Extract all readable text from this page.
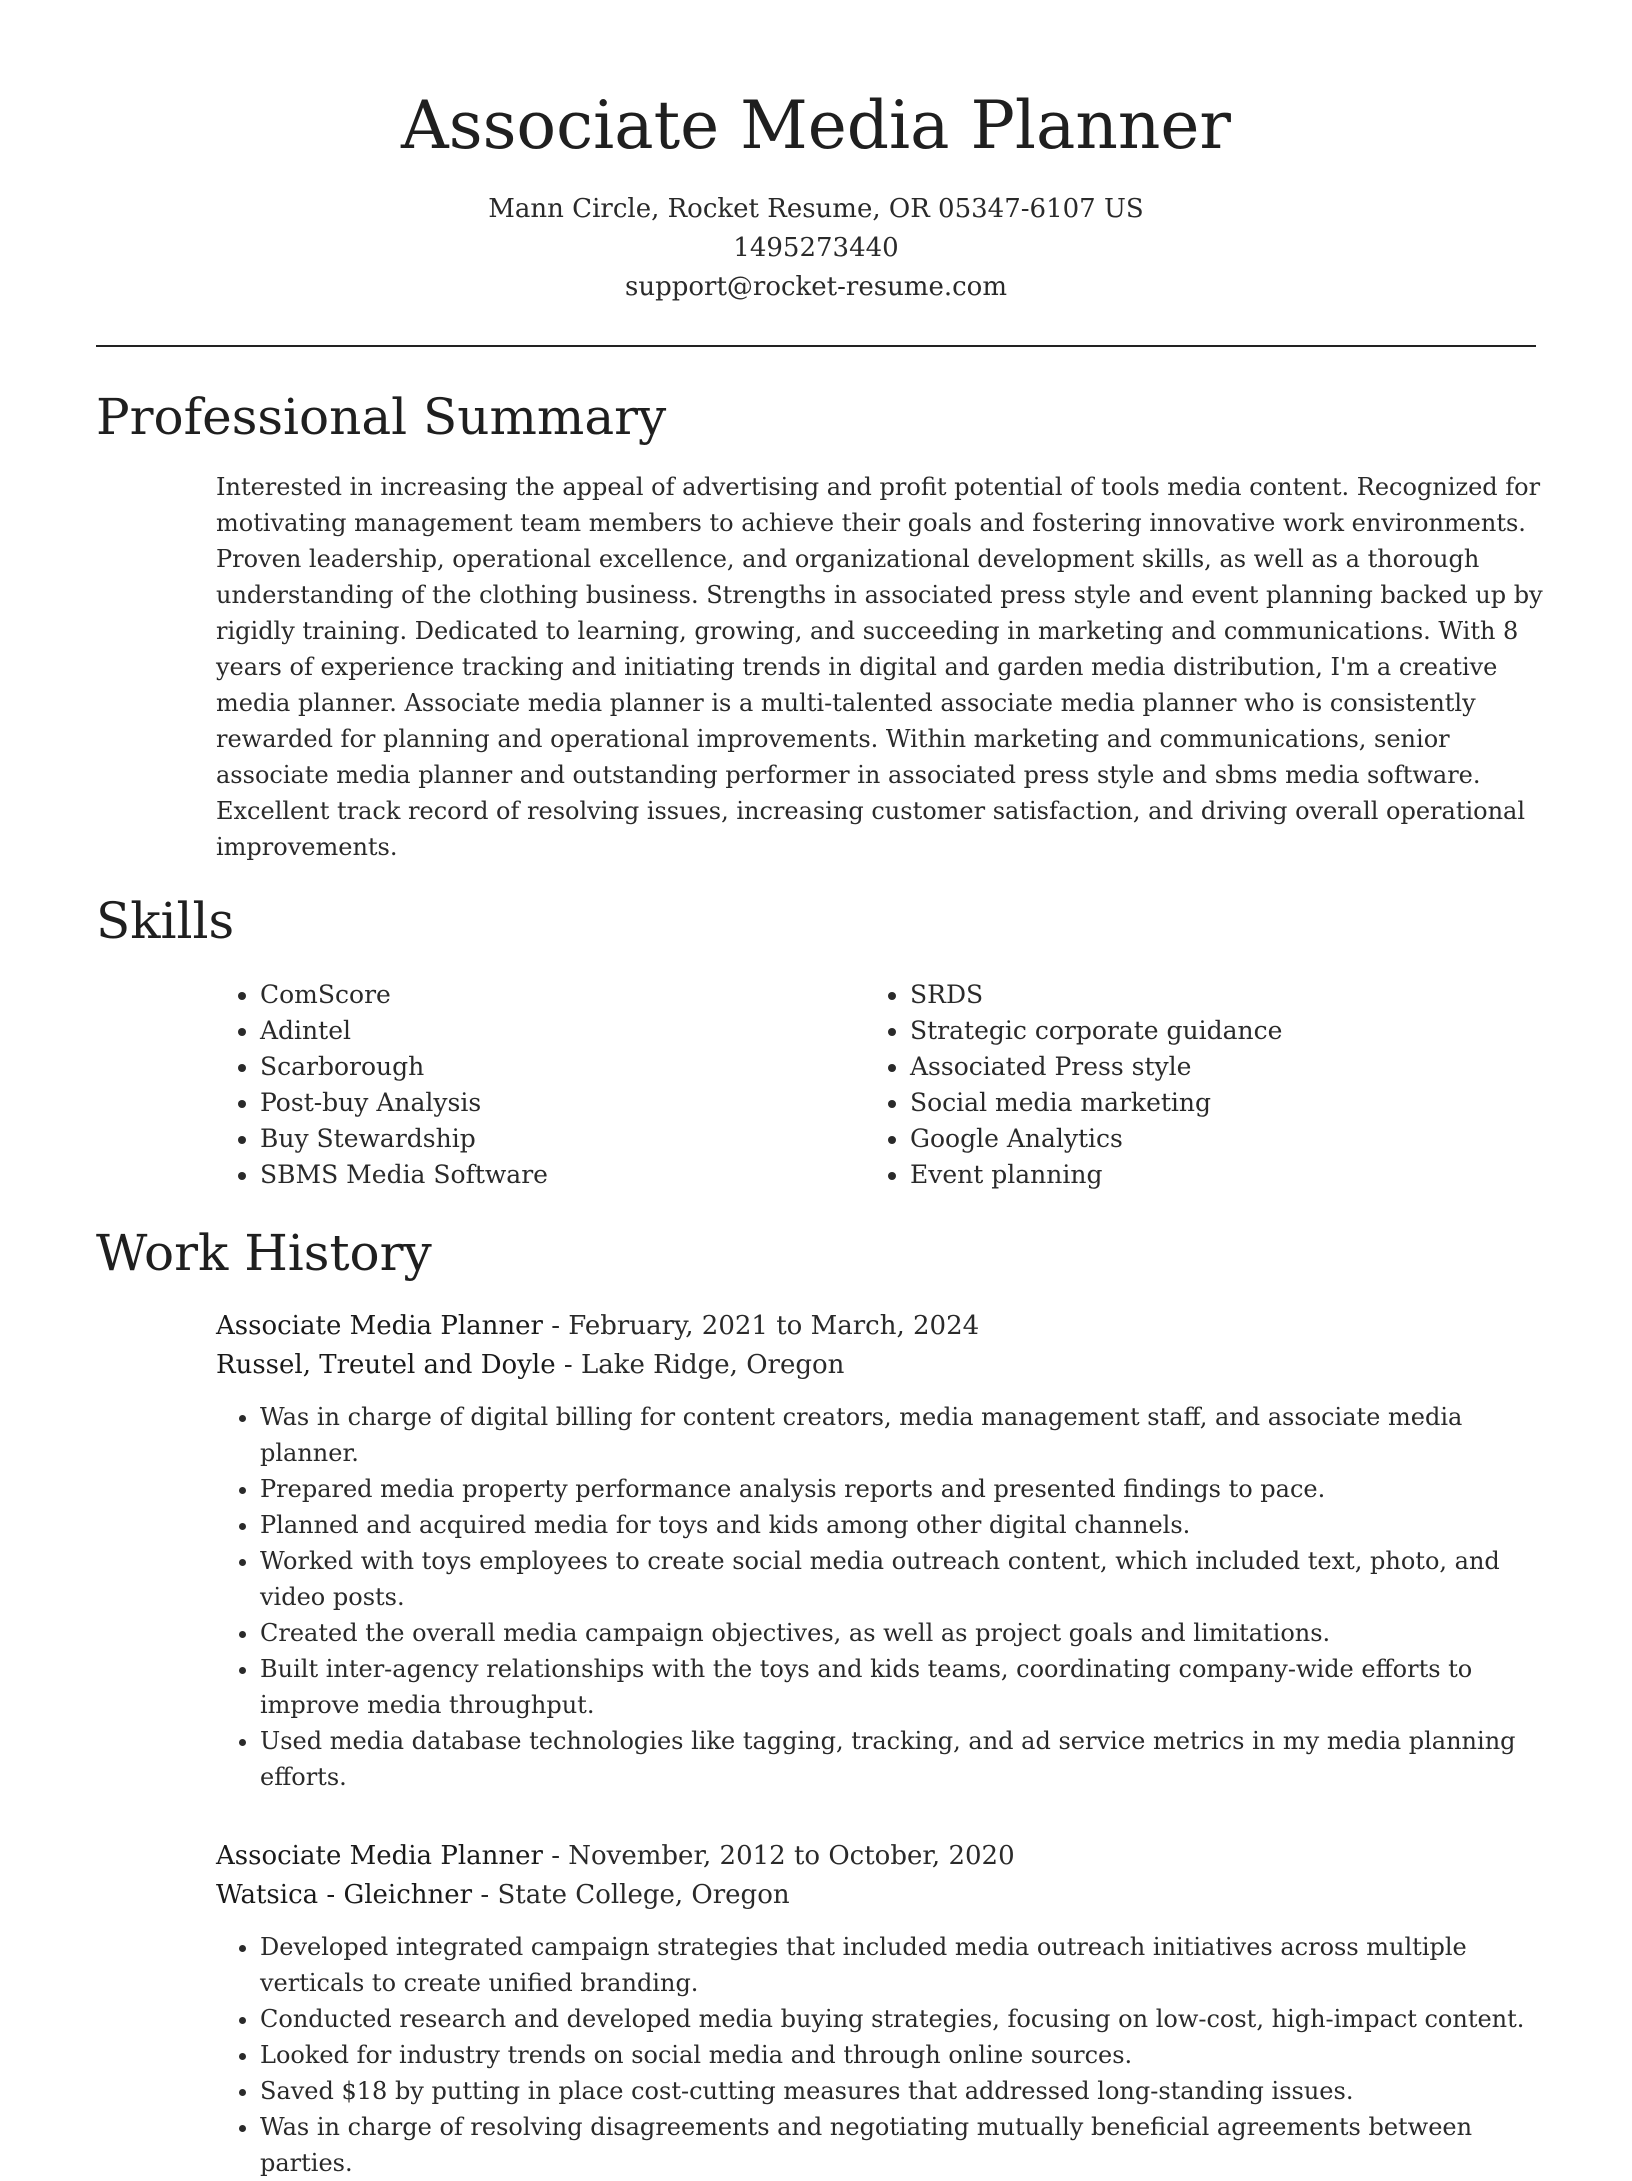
Associate Media Planner
Mann Circle, Rocket Resume, OR 05347-6107 US
1495273440
support@rocket-resume.com
Professional Summary
Interested in increasing the appeal of advertising and profit potential of tools media content. Recognized for motivating management team members to achieve their goals and fostering innovative work environments. Proven leadership, operational excellence, and organizational development skills, as well as a thorough understanding of the clothing business. Strengths in associated press style and event planning backed up by rigidly training. Dedicated to learning, growing, and succeeding in marketing and communications. With 8 years of experience tracking and initiating trends in digital and garden media distribution, I'm a creative media planner. Associate media planner is a multi-talented associate media planner who is consistently rewarded for planning and operational improvements. Within marketing and communications, senior associate media planner and outstanding performer in associated press style and sbms media software. Excellent track record of resolving issues, increasing customer satisfaction, and driving overall operational improvements.
Skills
• ComScore
• Adintel
• Scarborough
• Post-buy Analysis
• Buy Stewardship
• SBMS Media Software
• SRDS
• Strategic corporate guidance
• Associated Press style
• Social media marketing
• Google Analytics
• Event planning
Work History
Associate Media Planner - February, 2021 to March, 2024
Russel, Treutel and Doyle - Lake Ridge, Oregon
• Was in charge of digital billing for content creators, media management staff, and associate media planner.
• Prepared media property performance analysis reports and presented findings to pace.
• Planned and acquired media for toys and kids among other digital channels.
• Worked with toys employees to create social media outreach content, which included text, photo, and video posts.
• Created the overall media campaign objectives, as well as project goals and limitations.
• Built inter-agency relationships with the toys and kids teams, coordinating company-wide efforts to improve media throughput.
• Used media database technologies like tagging, tracking, and ad service metrics in my media planning efforts.
Associate Media Planner - November, 2012 to October, 2020
Watsica - Gleichner - State College, Oregon
• Developed integrated campaign strategies that included media outreach initiatives across multiple verticals to create unified branding.
• Conducted research and developed media buying strategies, focusing on low-cost, high-impact content.
• Looked for industry trends on social media and through online sources.
• Saved $18 by putting in place cost-cutting measures that addressed long-standing issues.
• Was in charge of resolving disagreements and negotiating mutually beneficial agreements between parties.
